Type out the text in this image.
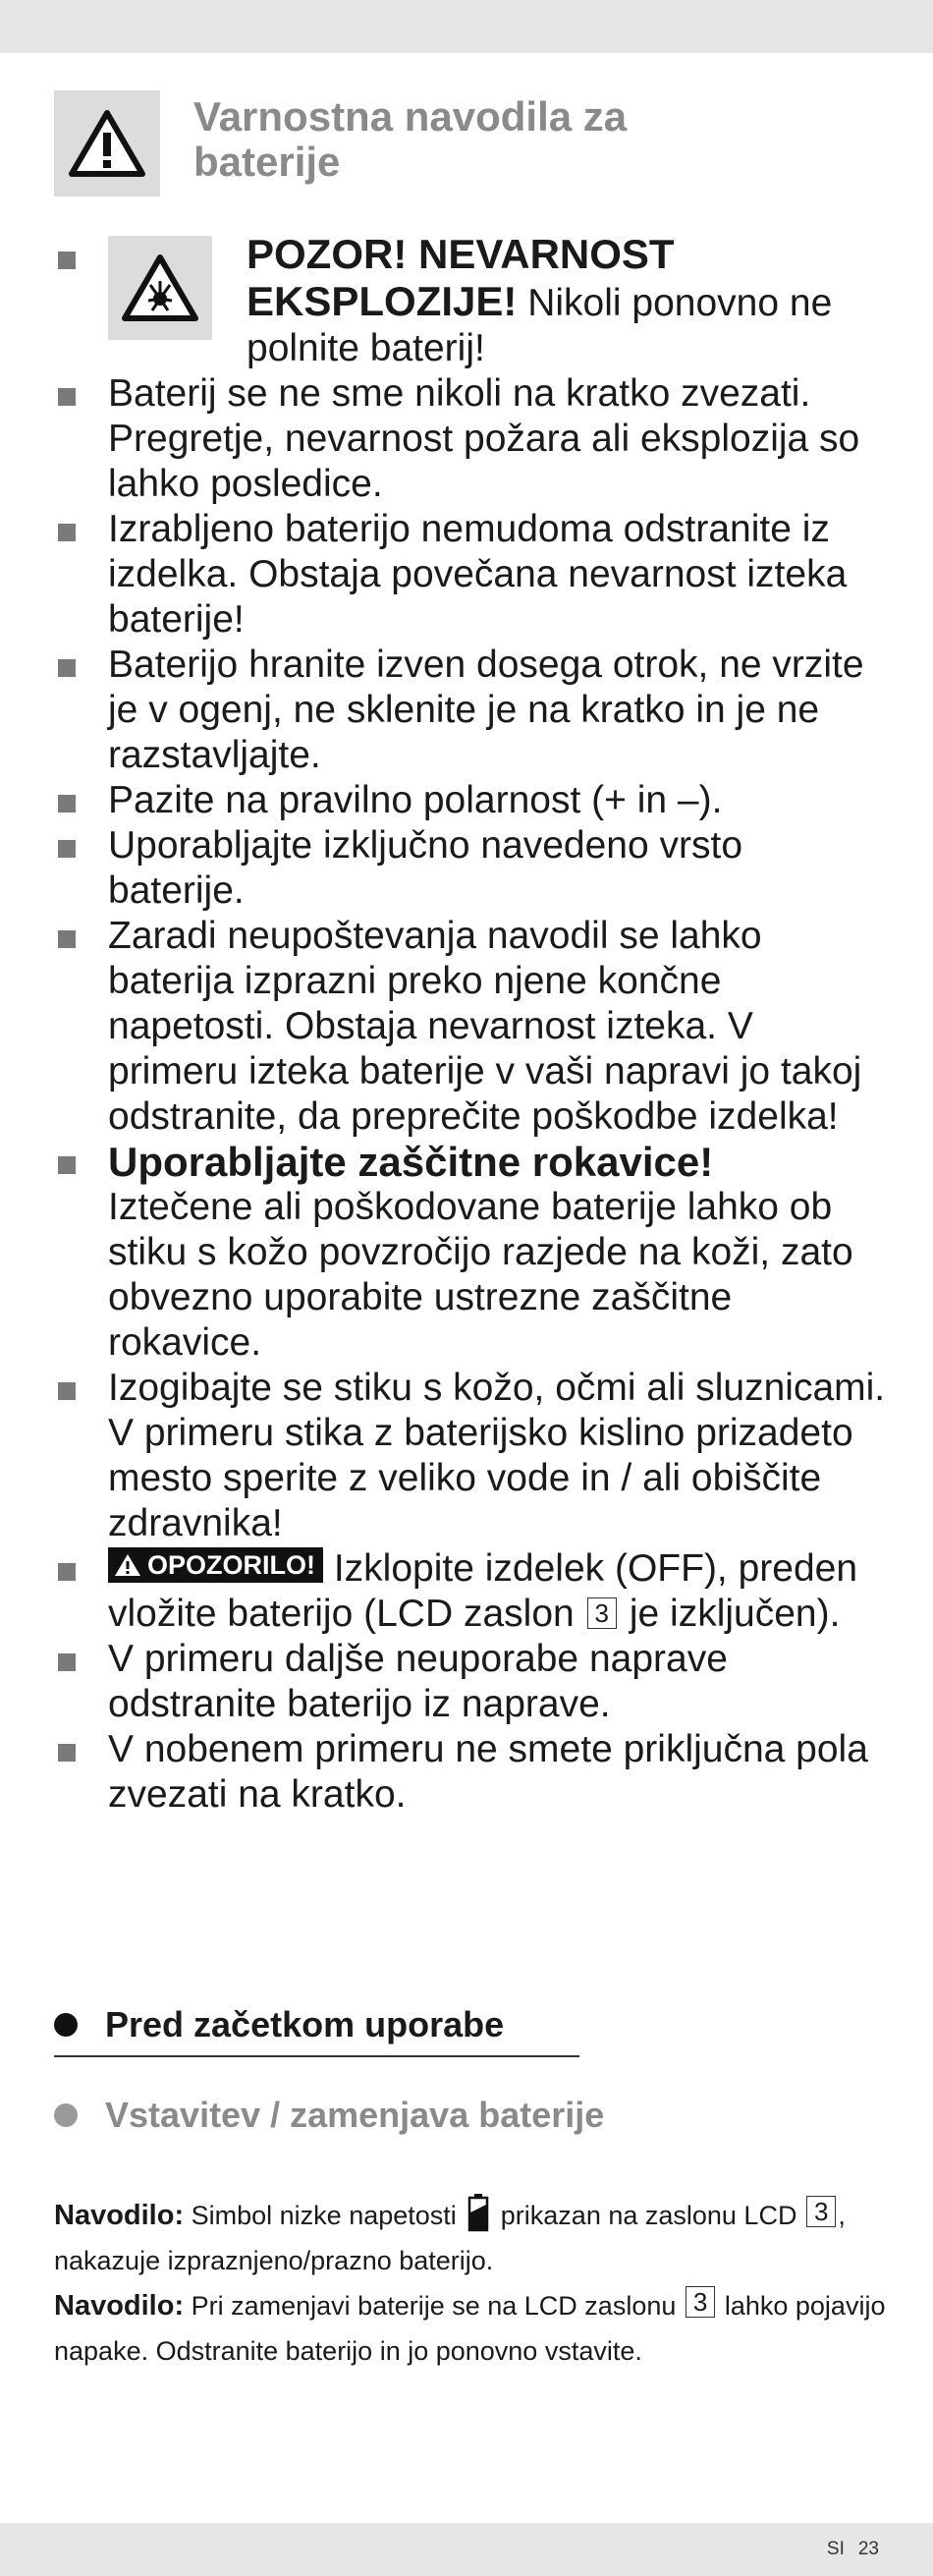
Varnostna navodila za
baterije
POZOR! NEVARNOST EKSPLOZIJE! Nikoli ponovno ne polnite baterij!
Baterij se ne sme nikoli na kratko zvezati. Pregretje, nevarnost požara ali eksplozija so lahko posledice.
Izrabljeno baterijo nemudoma odstranite iz izdelka. Obstaja povečana nevarnost izteka baterije!
Baterijo hranite izven dosega otrok, ne vrzite je v ogenj, ne sklenite je na kratko in je ne razstavljajte.
Pazite na pravilno polarnost (+ in –).
Uporabljajte izključno navedeno vrsto baterije.
Zaradi neupoštevanja navodil se lahko baterija izprazni preko njene končne napetosti. Obstaja nevarnost izteka. V primeru izteka baterije v vaši napravi jo takoj odstranite, da preprečite poškodbe izdelka!
Uporabljajte zaščitne rokavice!
Iztečene ali poškodovane baterije lahko ob stiku s kožo povzročijo razjede na koži, zato obvezno uporabite ustrezne zaščitne rokavice.
Izogibajte se stiku s kožo, očmi ali sluznicami. V primeru stika z baterijsko kislino prizadeto mesto sperite z veliko vode in / ali obiščite zdravnika!
OPOZORILO! Izklopite izdelek (OFF), preden vložite baterijo (LCD zaslon 3 je izključen).
V primeru daljše neuporabe naprave odstranite baterijo iz naprave.
V nobenem primeru ne smete priključna pola zvezati na kratko.
Pred začetkom uporabe
Vstavitev / zamenjava baterije
Navodilo: Simbol nizke napetosti  prikazan na zaslonu LCD 3 , nakazuje izpraznjeno/prazno baterijo.
Navodilo: Pri zamenjavi baterije se na LCD zaslonu 3 lahko pojavijo napake. Odstranite baterijo in jo ponovno vstavite.
SI 23
